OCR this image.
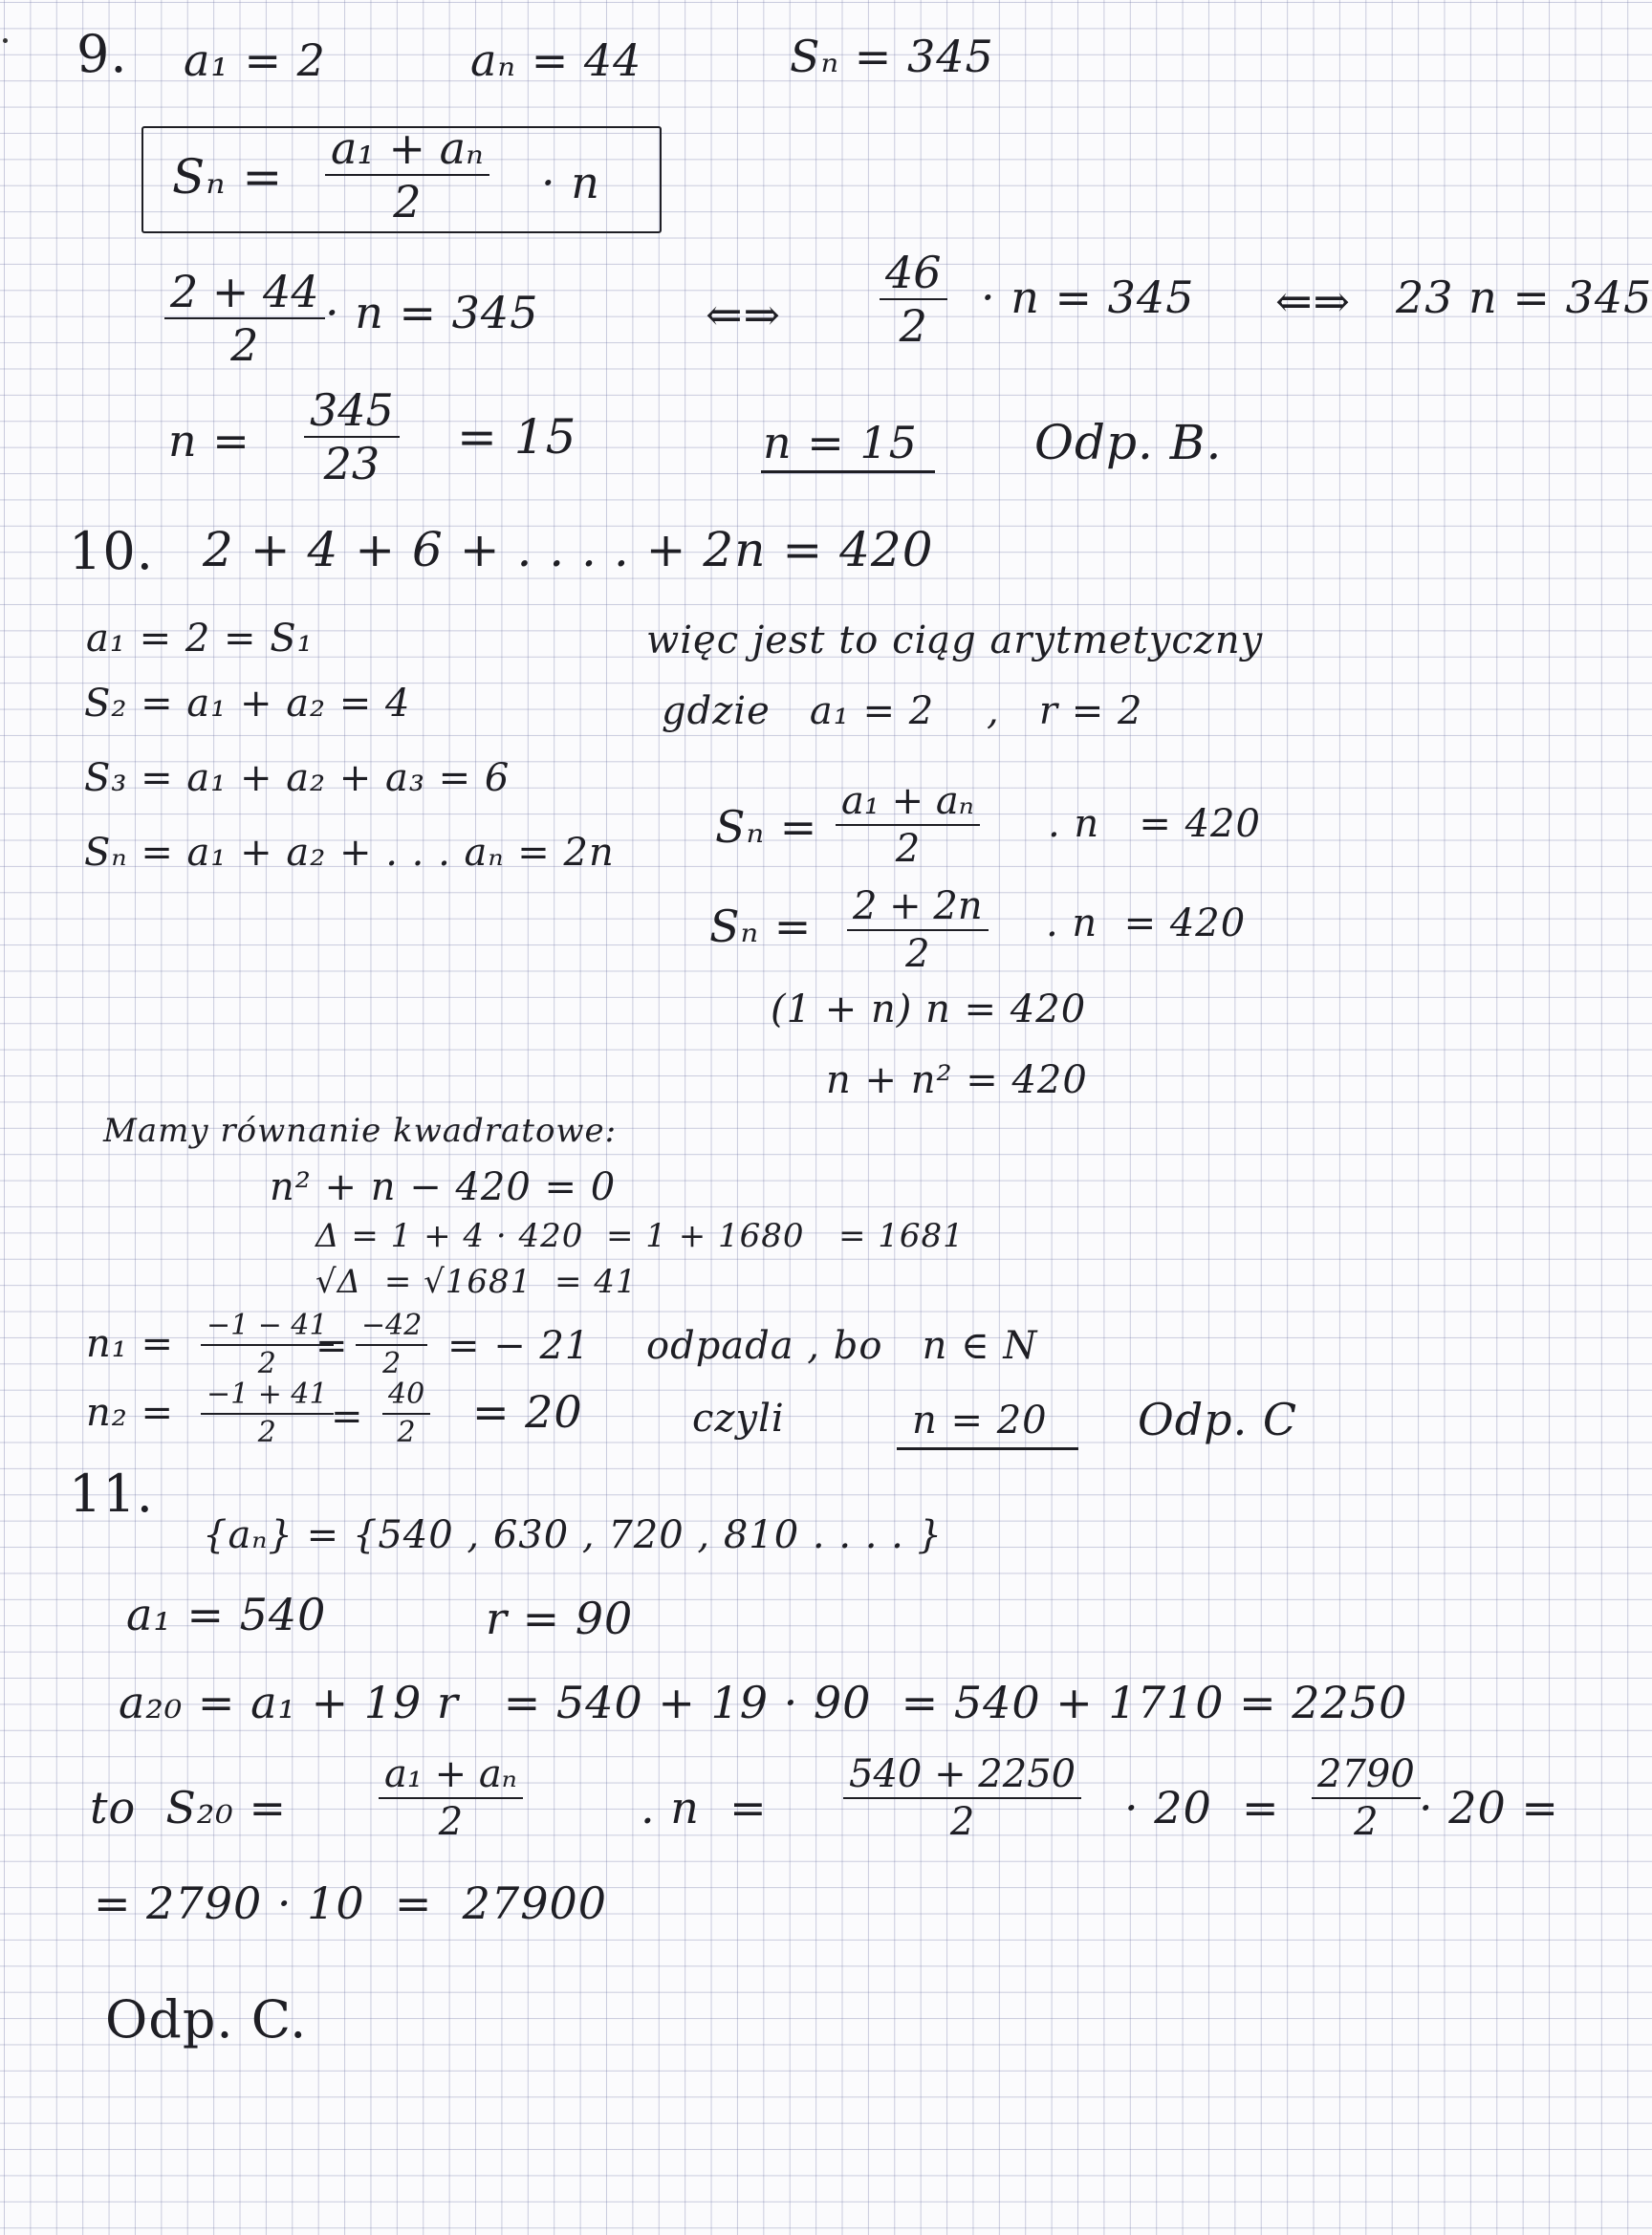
9. a₁ = 2	aₙ = 44	Sₙ = 345
$S_n = \frac{\text{a₁ + aₙ}}{2} \cdot n$
$\frac{2 + 44}{2} \cdot n = 345$	⇐⇒ $\frac{46}{2} \cdot n = 345$ ⇐⇒ 23 n = 345
$n = \frac{345}{23} = 15$	n = 15 Odp. B.
10. 2 + 4 + 6 + . . . . + 2n = 420
a₁ = 2 = S₁
S₂ = a₁ + a₂ = 4
S₃ = a₁ + a₂ + a₃ = 6
Sₙ = a₁ + a₂ + . . . aₙ = 2n
więc jest to ciąg arytmetyczny
gdzie   a₁ = 2    ,   r = 2
$S_n = \frac{\text{a₁ + aₙ}}{2}$ . n   = 420
$S_n = \frac{2 + 2n}{2}$ . n  = 420
(1 + n) n = 420
n + n² = 420
Mamy równanie kwadratowe:
n² + n − 420 = 0
Δ = 1 + 4 · 420  = 1 + 1680   = 1681
√Δ  = √1681  = 41
$n_1 = \frac{-1 - 41}{2}$
= $\frac{-42}{2}$ = − 21 odpada , bo   n ∈ N
$n_2 = \frac{-1 + 41}{2}$
= $\frac{40}{2} = 20$	czyli	n = 20 Odp. C
11.
{aₙ} = {540 , 630 , 720 , 810 . . . . }
a₁ = 540	r = 90
a₂₀ = a₁ + 19 r   = 540 + 19 · 90  = 540 + 1710 = 2250
to  $S_{20} = \frac{\text{a₁ + aₙ}}{2}$	. $n = \frac{540 + 2250}{2} \cdot 20 = \frac{2790}{2}$
· 20 =
= 2790 · 10  =  27900
Odp. C.
